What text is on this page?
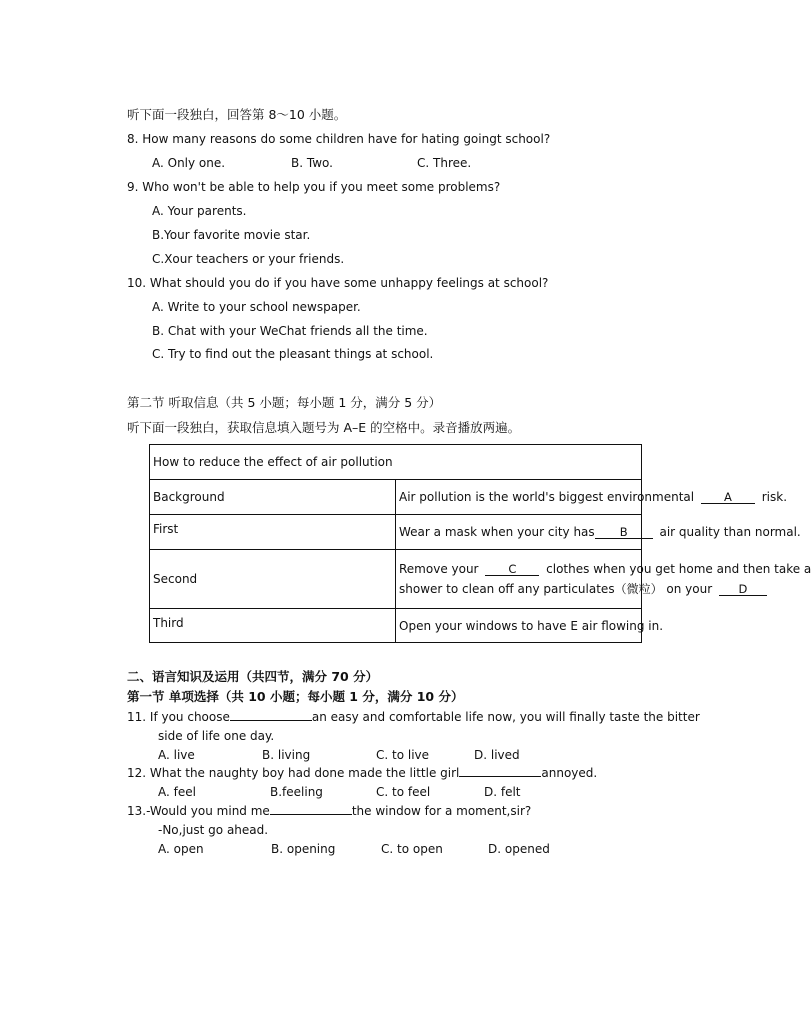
听下面一段独白，回答第 8～10 小题。
8. How many reasons do some children have for hating goingt school?
A. Only one.	B. Two.	C. Three.
9. Who won't be able to help you if you meet some problems?
A. Your parents.
B.Your favorite movie star.
C.Xour teachers or your friends.
10. What should you do if you have some unhappy feelings at school?
A. Write to your school newspaper.
B. Chat with your WeChat friends all the time.
C. Try to find out the pleasant things at school.
第二节 听取信息（共 5 小题；每小题 1 分，满分 5 分）
听下面一段独白，获取信息填入题号为 A–E 的空格中。录音播放两遍。
How to reduce the effect of air pollution	
Background	Air pollution is the world's biggest environmental A risk.
First	Wear a mask when your city has B air quality than normal.
Second	Remove your C clothes when you get home and then take a
shower to clean off any particulates（微粒） on your D

Third	Open your windows to have E air flowing in.
二、语言知识及运用（共四节，满分 70 分）
第一节 单项选择（共 10 小题；每小题 1 分，满分 10 分）
11. If you choose	an easy and comfortable life now, you will finally taste the bitter
side of life one day.
A. live	B. living	C. to live	D. lived
12. What the naughty boy had done made the little girl	annoyed.
A. feel	B.feeling	C. to feel	D. felt
13.-Would you mind me	the window for a moment,sir?
-No,just go ahead.
A. open	B. opening	C. to open	D. opened
